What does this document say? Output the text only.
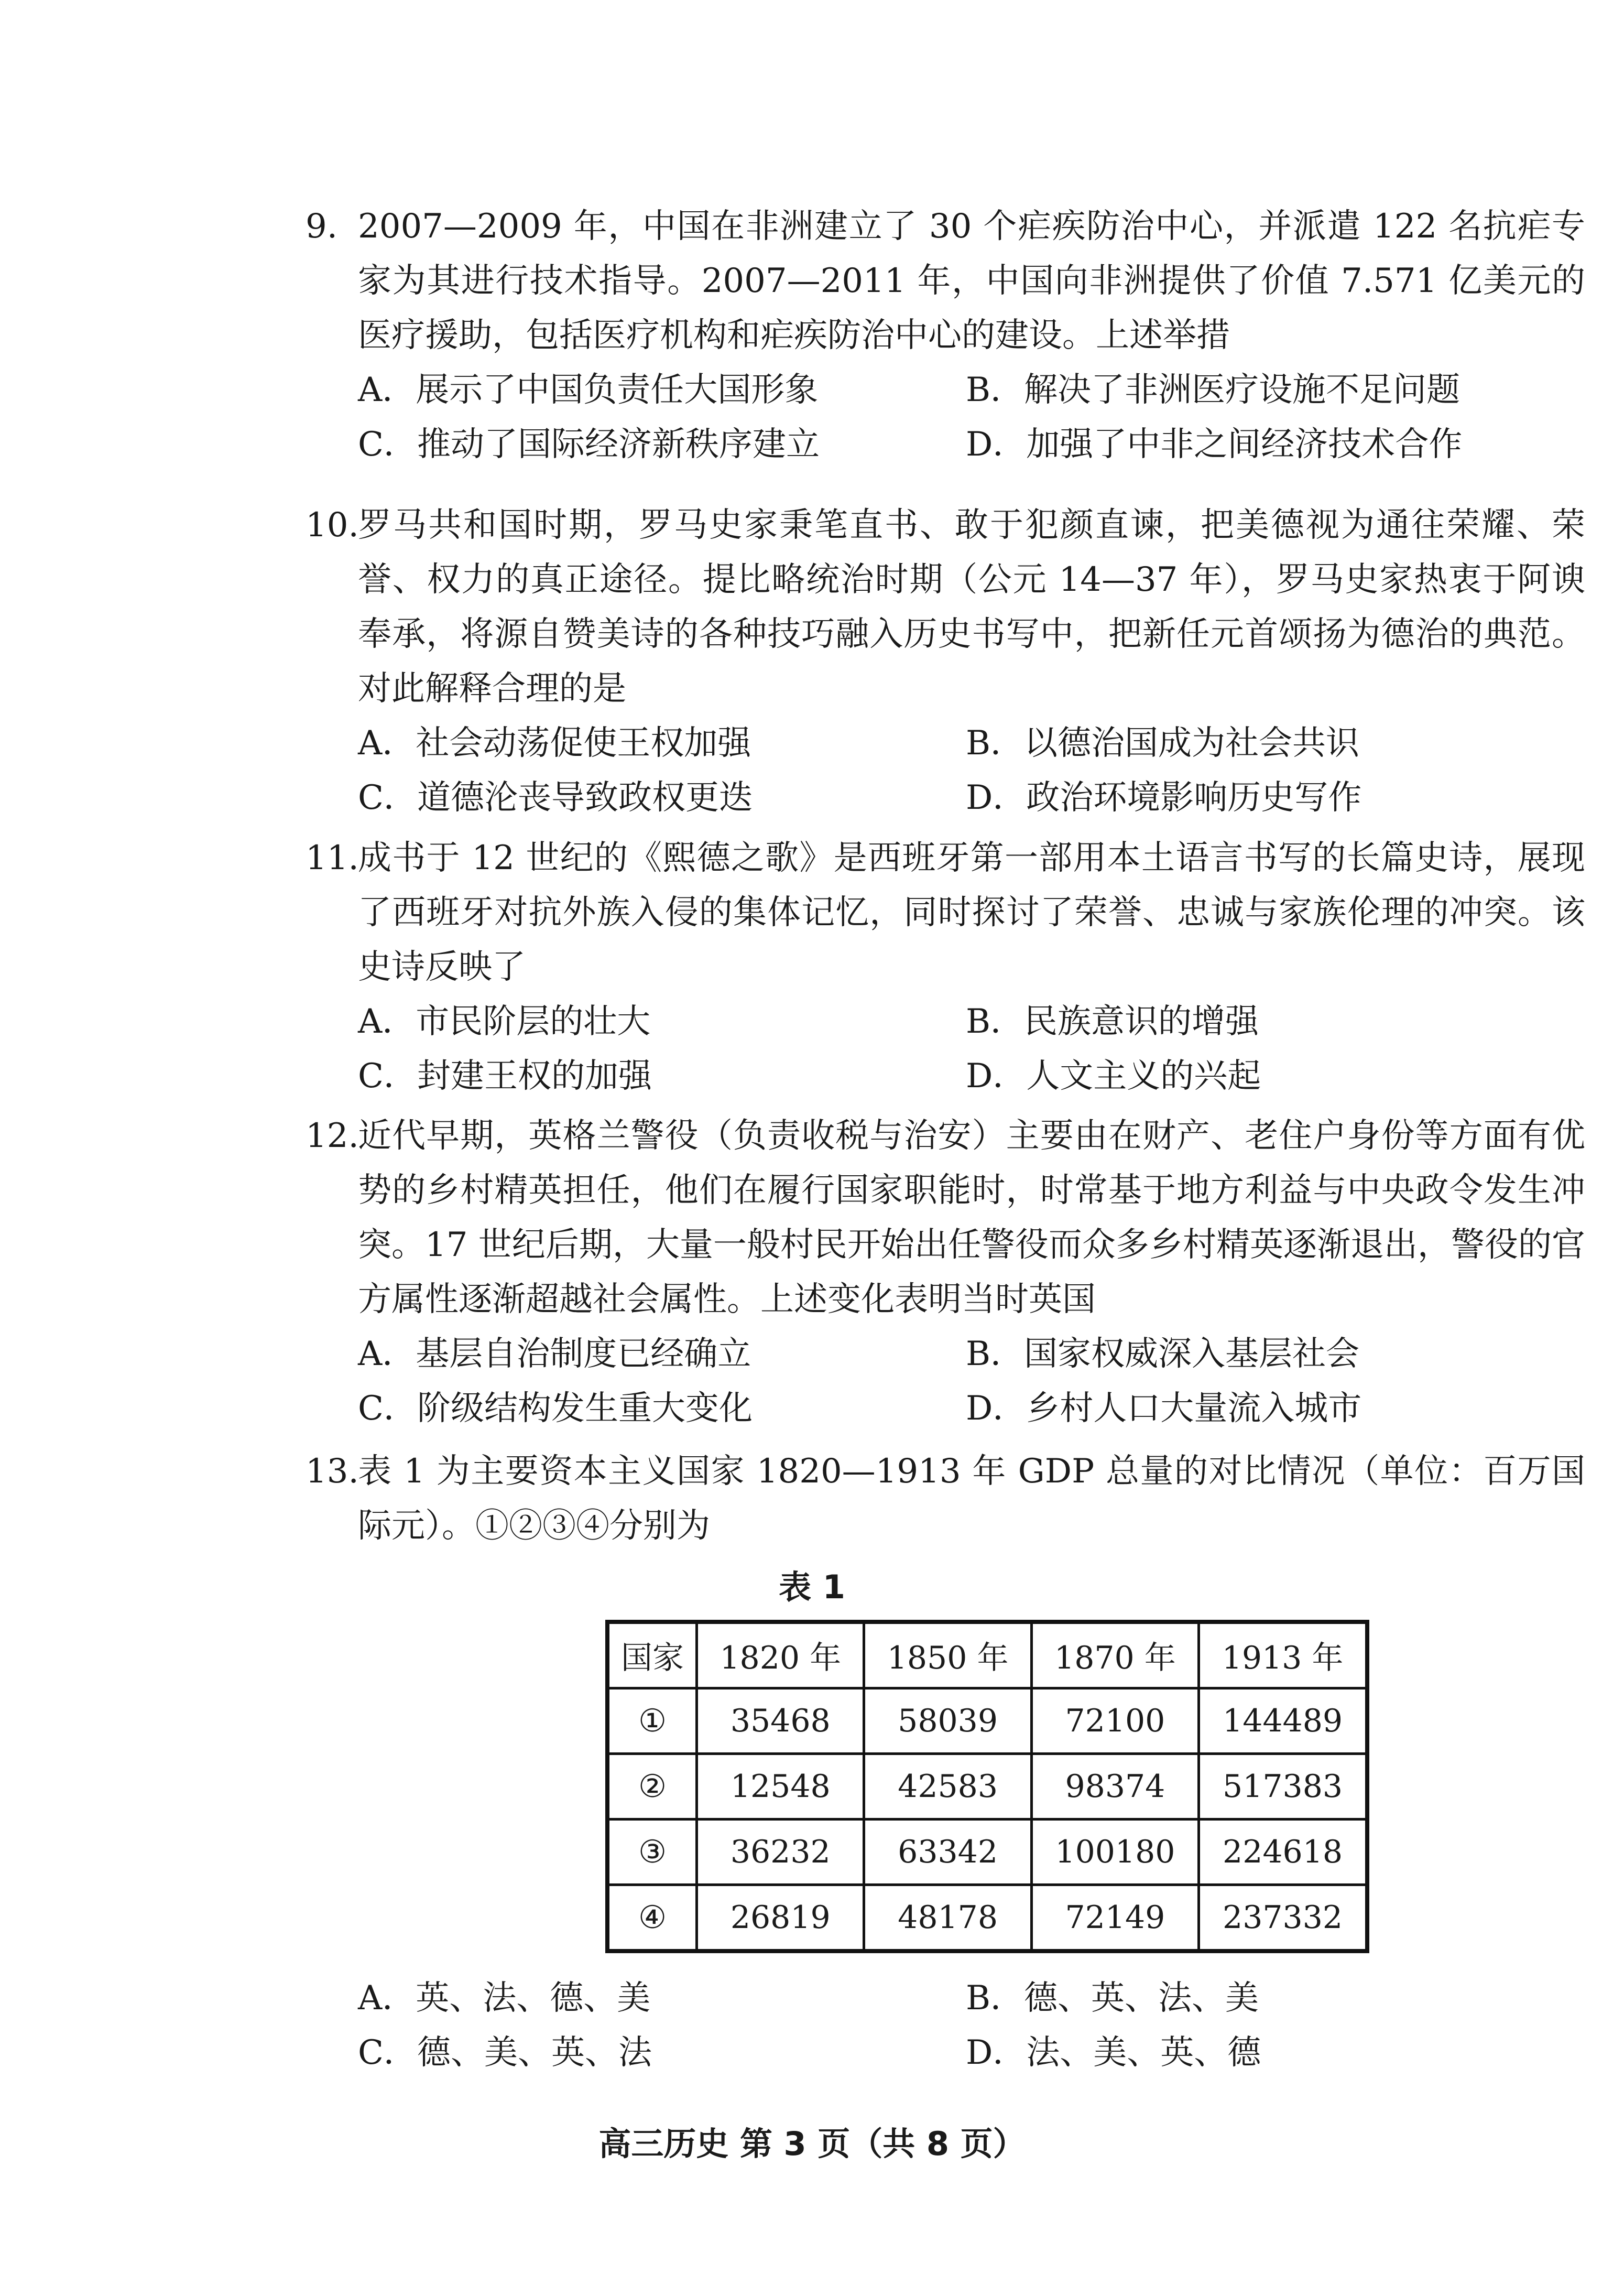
9. 2007—2009 年，中国在非洲建立了 30 个疟疾防治中心，并派遣 122 名抗疟专家为其进行技术指导。2007—2011 年，中国向非洲提供了价值 7.571 亿美元的医疗援助，包括医疗机构和疟疾防治中心的建设。上述举措
A．展示了中国负责任大国形象	B．解决了非洲医疗设施不足问题
C．推动了国际经济新秩序建立	D．加强了中非之间经济技术合作
10.
罗马共和国时期，罗马史家秉笔直书、敢于犯颜直谏，把美德视为通往荣耀、荣誉、权力的真正途径。提比略统治时期（公元 14—37 年），罗马史家热衷于阿谀奉承，将源自赞美诗的各种技巧融入历史书写中，把新任元首颂扬为德治的典范。对此解释合理的是
A．社会动荡促使王权加强	B．以德治国成为社会共识
C．道德沦丧导致政权更迭	D．政治环境影响历史写作
11.
成书于 12 世纪的《熙德之歌》是西班牙第一部用本土语言书写的长篇史诗，展现了西班牙对抗外族入侵的集体记忆，同时探讨了荣誉、忠诚与家族伦理的冲突。该史诗反映了
A．市民阶层的壮大	B．民族意识的增强
C．封建王权的加强	D．人文主义的兴起
12.
近代早期，英格兰警役（负责收税与治安）主要由在财产、老住户身份等方面有优势的乡村精英担任，他们在履行国家职能时，时常基于地方利益与中央政令发生冲突。17 世纪后期，大量一般村民开始出任警役而众多乡村精英逐渐退出，警役的官方属性逐渐超越社会属性。上述变化表明当时英国
A．基层自治制度已经确立	B．国家权威深入基层社会
C．阶级结构发生重大变化	D．乡村人口大量流入城市
13.
表 1 为主要资本主义国家 1820—1913 年 GDP 总量的对比情况（单位：百万国际元）。①②③④分别为
表 1
国家	1820 年	1850 年	1870 年	1913 年
①	35468	58039	72100	144489
②	12548	42583	98374	517383
③	36232	63342	100180	224618
④	26819	48178	72149	237332
A．英、法、德、美	B．德、英、法、美
C．德、美、英、法	D．法、美、英、德
高三历史 第 3 页（共 8 页）
